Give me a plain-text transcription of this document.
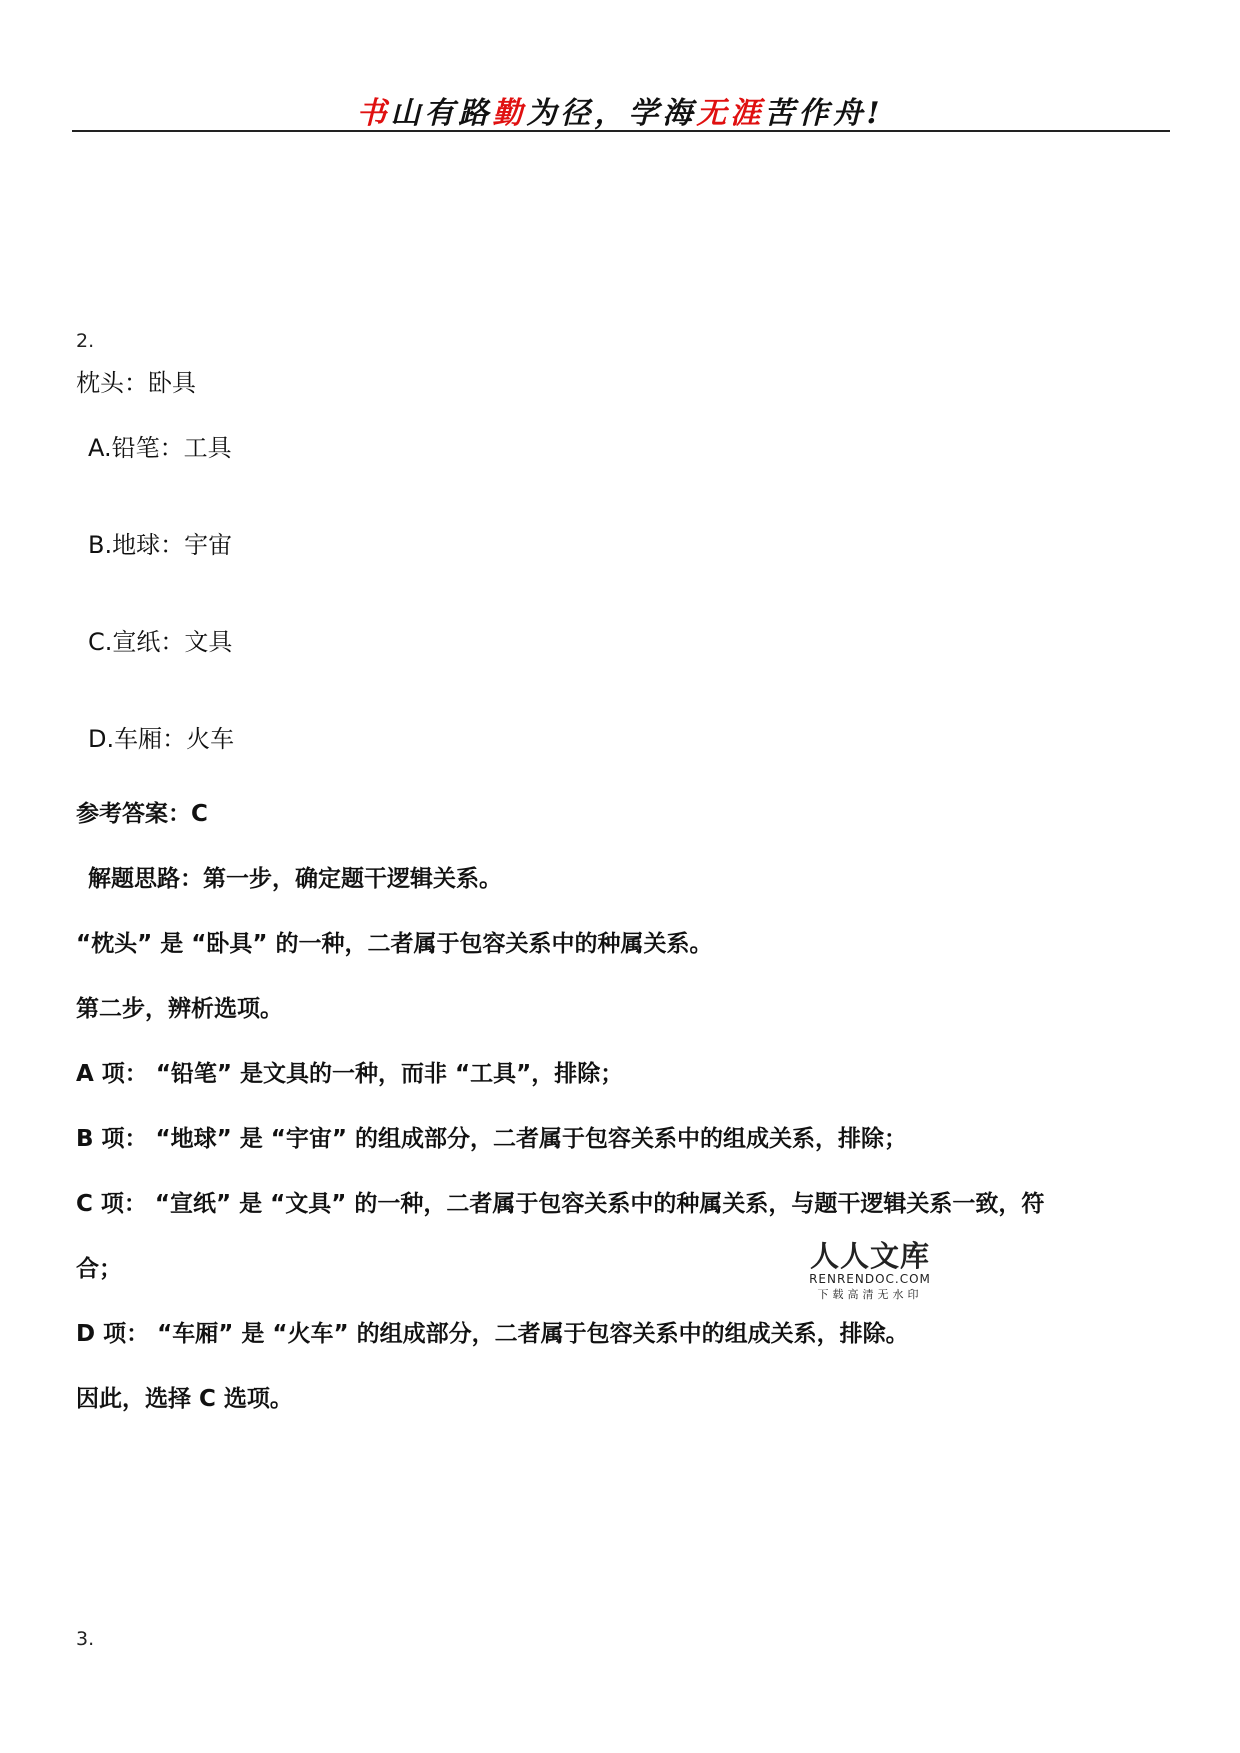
书山有路勤为径，学海无涯苦作舟!
2.
枕头：卧具
A.铅笔：工具
B.地球：宇宙
C.宣纸：文具
D.车厢：火车
参考答案：C
解题思路：第一步，确定题干逻辑关系。
“枕头” 是 “卧具” 的一种，二者属于包容关系中的种属关系。
第二步，辨析选项。
A 项： “铅笔” 是文具的一种，而非 “工具”，排除；
B 项： “地球” 是 “宇宙” 的组成部分，二者属于包容关系中的组成关系，排除；
C 项： “宣纸” 是 “文具” 的一种，二者属于包容关系中的种属关系，与题干逻辑关系一致，符
合；
D 项： “车厢” 是 “火车” 的组成部分，二者属于包容关系中的组成关系，排除。
因此，选择 C 选项。
人人文库
RENRENDOC.COM
下载高清无水印
3.
